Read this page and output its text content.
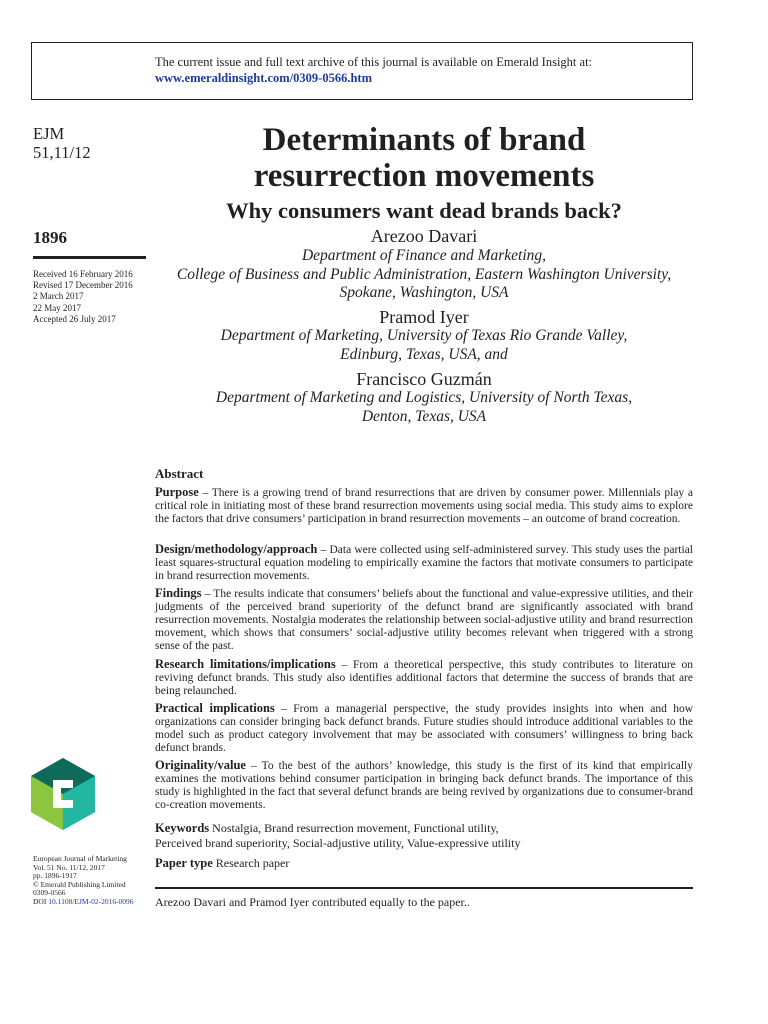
The current issue and full text archive of this journal is available on Emerald Insight at:
www.emeraldinsight.com/0309-0566.htm
EJM
51,11/12
1896
Received 16 February 2016
Revised 17 December 2016
2 March 2017
22 May 2017
Accepted 26 July 2017
European Journal of Marketing
Vol. 51 No. 11/12, 2017
pp. 1896-1917
© Emerald Publishing Limited
0309-0566
DOI 10.1108/EJM-02-2016-0096
Determinants of brand
resurrection movements
Why consumers want dead brands back?
Arezoo Davari
Department of Finance and Marketing,
College of Business and Public Administration, Eastern Washington University,
Spokane, Washington, USA
Pramod Iyer
Department of Marketing, University of Texas Rio Grande Valley,
Edinburg, Texas, USA, and
Francisco Guzmán
Department of Marketing and Logistics, University of North Texas,
Denton, Texas, USA
Abstract

Purpose – There is a growing trend of brand resurrections that are driven by consumer power. Millennials play a critical role in initiating most of these brand resurrection movements using social media. This study aims to explore the factors that drive consumers’ participation in brand resurrection movements – an outcome of brand cocreation.

Design/methodology/approach – Data were collected using self-administered survey. This study uses the partial least squares-structural equation modeling to empirically examine the factors that motivate consumers to participate in brand resurrection movements.

Findings – The results indicate that consumers’ beliefs about the functional and value-expressive utilities, and their judgments of the perceived brand superiority of the defunct brand are significantly associated with brand resurrection movements. Nostalgia moderates the relationship between social-adjustive utility and brand resurrection movement, which shows that consumers’ social-adjustive utility becomes relevant when triggered with a strong sense of the past.

Research limitations/implications – From a theoretical perspective, this study contributes to literature on reviving defunct brands. This study also identifies additional factors that determine the success of brands that are being relaunched.

Practical implications – From a managerial perspective, the study provides insights into when and how organizations can consider bringing back defunct brands. Future studies should introduce additional variables to the model such as product category involvement that may be associated with consumers’ willingness to bring back defunct brands.

Originality/value – To the best of the authors’ knowledge, this study is the first of its kind that empirically examines the motivations behind consumer participation in bringing back defunct brands. The importance of this study is highlighted in the fact that several defunct brands are being revived by organizations due to consumer-brand co-creation movements.

Keywords Nostalgia, Brand resurrection movement, Functional utility,
Perceived brand superiority, Social-adjustive utility, Value-expressive utility
Paper type Research paper
Arezoo Davari and Pramod Iyer contributed equally to the paper..
